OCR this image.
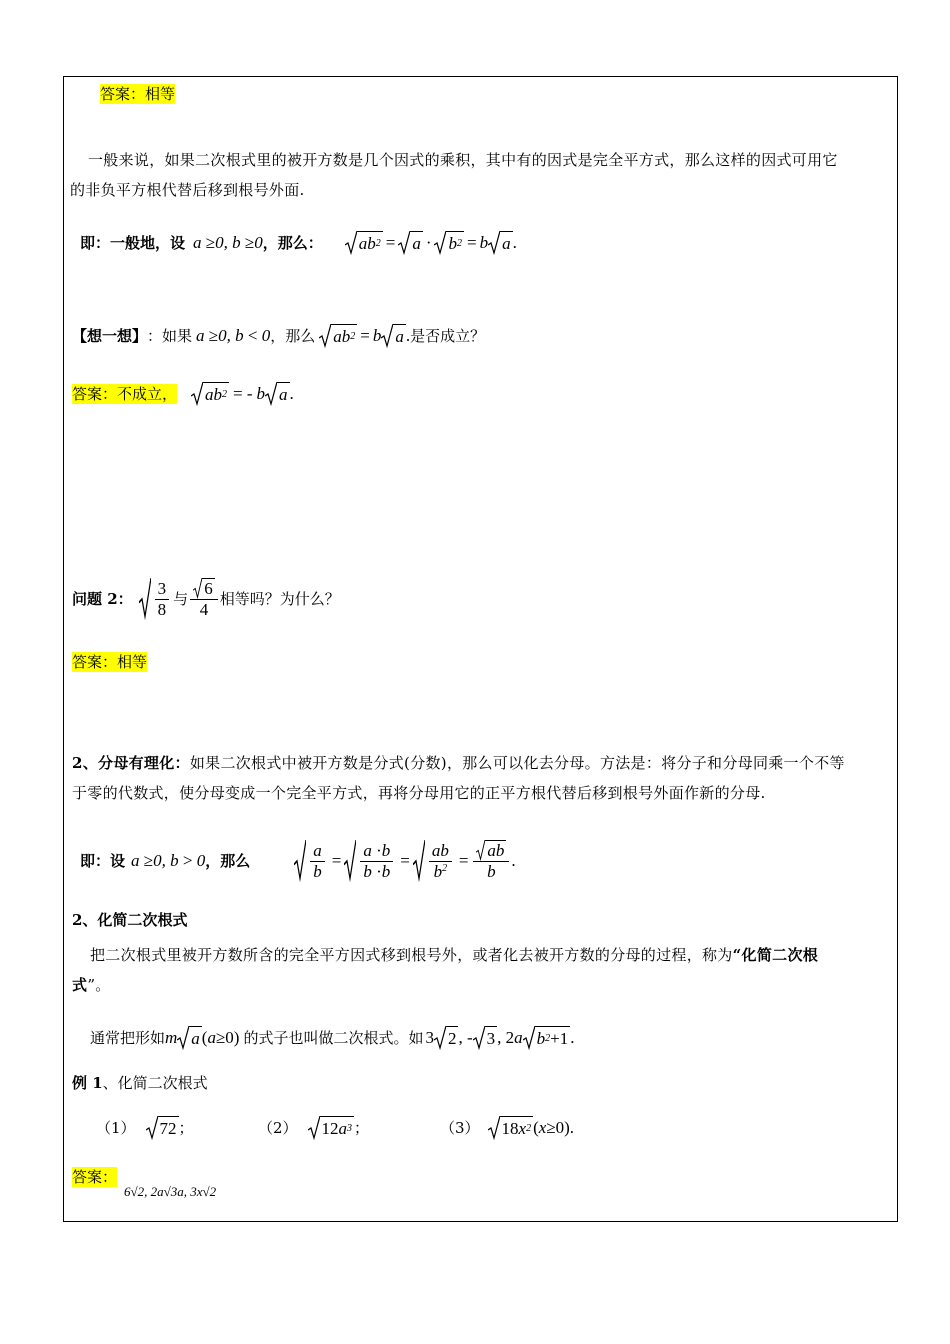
答案：相等
一般来说，如果二次根式里的被开方数是几个因式的乘积，其中有的因式是完全平方式，那么这样的因式可用它
的非负平方根代替后移到根号外面.
即：一般地，设 a ≥0, b ≥0 ，那么： ab 2 = a · b 2 = b a .
【想一想】 ：如果 a ≥0, b < 0 ，那么 ab 2 = b a . 是否成立？
答案：不成立， ab 2 = - b a .
问题 2： $\frac{3}{8}$ 与 $\frac{6}{4}$ 相等吗？为什么？
答案：相等
2、分母有理化：如果二次根式中被开方数是分式(分数)，那么可以化去分母。方法是：将分子和分母同乘一个不等
于零的代数式，使分母变成一个完全平方式，再将分母用它的正平方根代替后移到根号外面作新的分母.
即：设 a ≥0, b > 0 ，那么	$\frac{a}{b} = \frac{a \cdot b}{b \cdot b} = \frac{ab}{b^2} = \frac{ab}{b}$ .
2、化简二次根式
把二次根式里被开方数所含的完全平方因式移到根号外，或者化去被开方数的分母的过程，称为“化简二次根
式”。
通常把形如 m a ( a ≥0) 的式子也叫做二次根式。如 3 2 , - 3 , 2 a b 2 +1 .
例 1、化简二次根式
（1） 72 ；	（2） 12 a 3 ；	（3） 18 x 2 ( x ≥0).
答案：
6√2, 2a√3a, 3x√2
